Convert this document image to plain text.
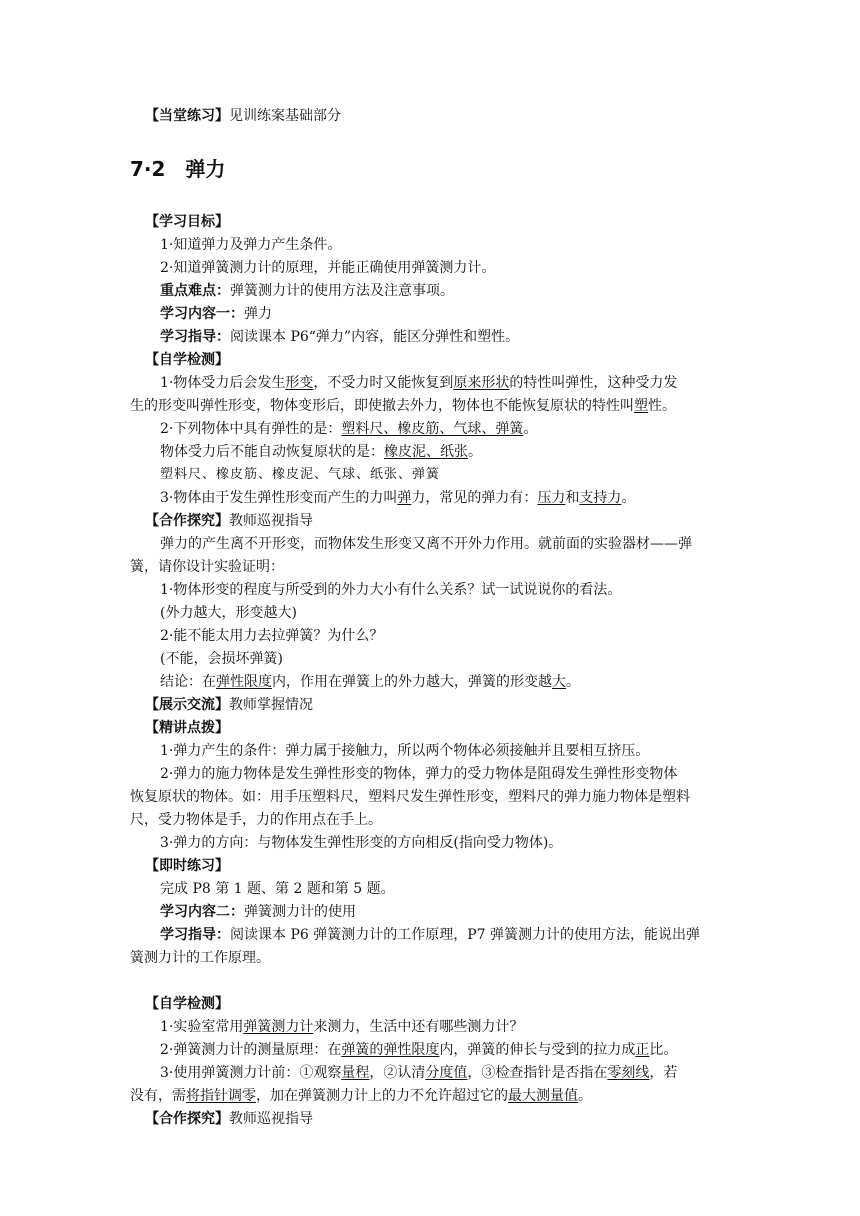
【当堂练习】见训练案基础部分
7·2　弹力
【学习目标】
1·知道弹力及弹力产生条件。
2·知道弹簧测力计的原理，并能正确使用弹簧测力计。
重点难点：弹簧测力计的使用方法及注意事项。
学习内容一：弹力
学习指导：阅读课本 P6“弹力”内容，能区分弹性和塑性。
【自学检测】
1·物体受力后会发生形变，不受力时又能恢复到原来形状的特性叫弹性，这种受力发
生的形变叫弹性形变，物体变形后，即使撤去外力，物体也不能恢复原状的特性叫塑性。
2·下列物体中具有弹性的是：塑料尺、橡皮筋、气球、弹簧。
物体受力后不能自动恢复原状的是：橡皮泥、纸张。
塑料尺、橡皮筋、橡皮泥、气球、纸张、弹簧
3·物体由于发生弹性形变而产生的力叫弹力，常见的弹力有：压力和支持力。
【合作探究】教师巡视指导
弹力的产生离不开形变，而物体发生形变又离不开外力作用。就前面的实验器材——弹
簧，请你设计实验证明：
1·物体形变的程度与所受到的外力大小有什么关系？试一试说说你的看法。
(外力越大，形变越大)
2·能不能太用力去拉弹簧？为什么？
(不能，会损坏弹簧)
结论：在弹性限度内，作用在弹簧上的外力越大，弹簧的形变越大。
【展示交流】教师掌握情况
【精讲点拨】
1·弹力产生的条件：弹力属于接触力，所以两个物体必须接触并且要相互挤压。
2·弹力的施力物体是发生弹性形变的物体，弹力的受力物体是阻碍发生弹性形变物体
恢复原状的物体。如：用手压塑料尺，塑料尺发生弹性形变，塑料尺的弹力施力物体是塑料
尺，受力物体是手，力的作用点在手上。
3·弹力的方向：与物体发生弹性形变的方向相反(指向受力物体)。
【即时练习】
完成 P8 第 1 题、第 2 题和第 5 题。
学习内容二：弹簧测力计的使用
学习指导：阅读课本 P6 弹簧测力计的工作原理，P7 弹簧测力计的使用方法，能说出弹
簧测力计的工作原理。
【自学检测】
1·实验室常用弹簧测力计来测力，生活中还有哪些测力计？
2·弹簧测力计的测量原理：在弹簧的弹性限度内，弹簧的伸长与受到的拉力成正比。
3·使用弹簧测力计前：①观察量程，②认清分度值，③检查指针是否指在零刻线，若
没有，需将指针调零，加在弹簧测力计上的力不允许超过它的最大测量值。
【合作探究】教师巡视指导
